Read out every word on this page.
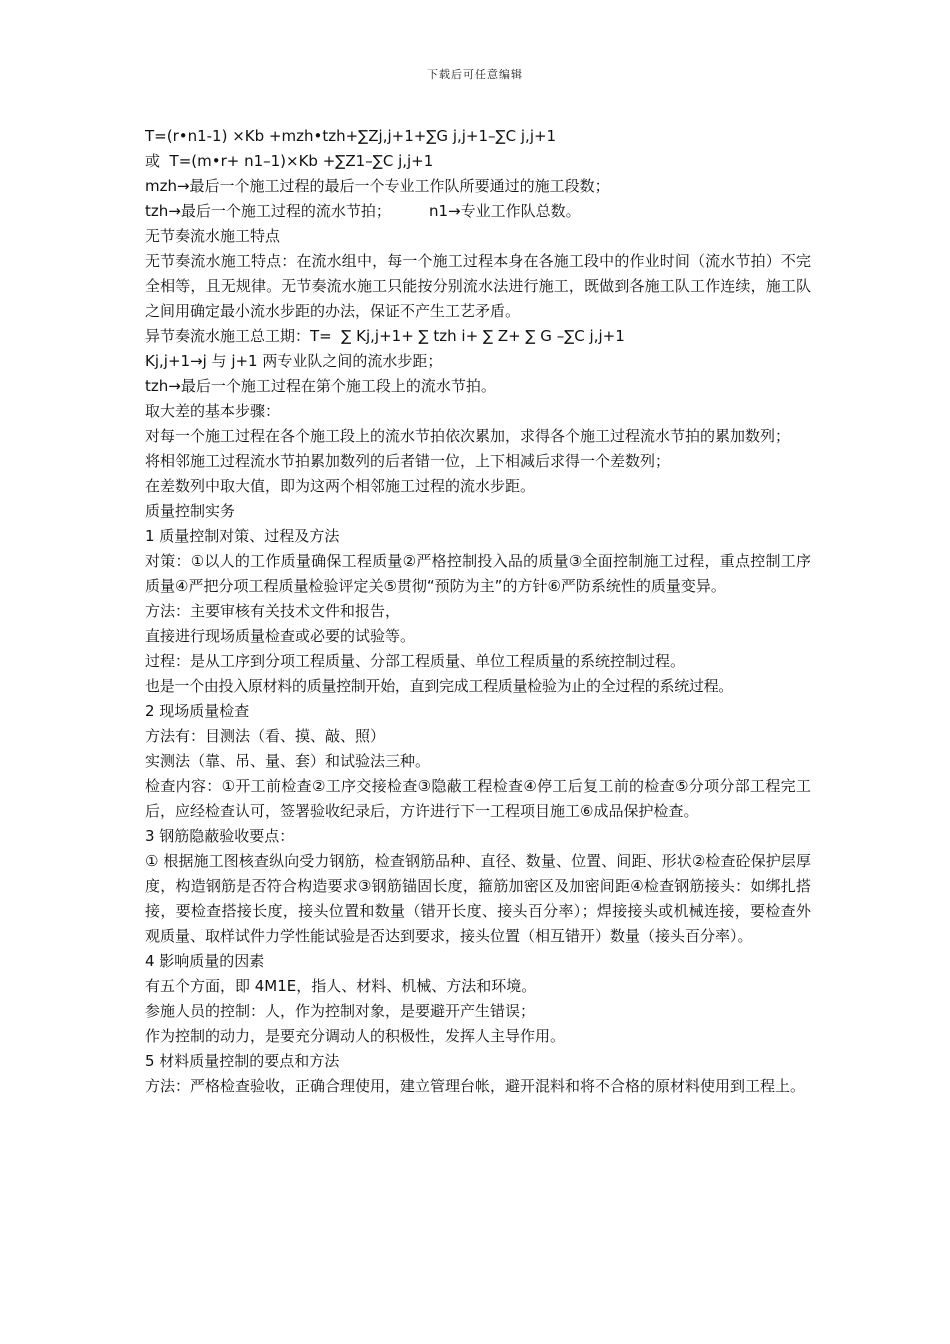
下载后可任意编辑
T=(r•n1-1) ×Kb +mzh•tzh+∑Zj,j+1+∑G j,j+1–∑C j,j+1
或  T=(m•r+ n1–1)×Kb +∑Z1–∑C j,j+1
mzh→最后一个施工过程的最后一个专业工作队所要通过的施工段数；
tzh→最后一个施工过程的流水节拍；        n1→专业工作队总数。
无节奏流水施工特点
无节奏流水施工特点：在流水组中，每一个施工过程本身在各施工段中的作业时间（流水节拍）不完全相等，且无规律。无节奏流水施工只能按分别流水法进行施工，既做到各施工队工作连续，施工队之间用确定最小流水步距的办法，保证不产生工艺矛盾。
异节奏流水施工总工期：T=  ∑ Kj,j+1+ ∑ tzh i+ ∑ Z+ ∑ G –∑C j,j+1
Kj,j+1→j 与 j+1 两专业队之间的流水步距；
tzh→最后一个施工过程在第个施工段上的流水节拍。
取大差的基本步骤：
对每一个施工过程在各个施工段上的流水节拍依次累加，求得各个施工过程流水节拍的累加数列；
将相邻施工过程流水节拍累加数列的后者错一位，上下相减后求得一个差数列；
在差数列中取大值，即为这两个相邻施工过程的流水步距。
质量控制实务
1 质量控制对策、过程及方法
对策：①以人的工作质量确保工程质量②严格控制投入品的质量③全面控制施工过程，重点控制工序质量④严把分项工程质量检验评定关⑤贯彻“预防为主”的方针⑥严防系统性的质量变异。
方法：主要审核有关技术文件和报告，
直接进行现场质量检查或必要的试验等。
过程：是从工序到分项工程质量、分部工程质量、单位工程质量的系统控制过程。
也是一个由投入原材料的质量控制开始，直到完成工程质量检验为止的全过程的系统过程。
2 现场质量检查
方法有：目测法（看、摸、敲、照）
实测法（靠、吊、量、套）和试验法三种。
检查内容：①开工前检查②工序交接检查③隐蔽工程检查④停工后复工前的检查⑤分项分部工程完工后，应经检查认可，签署验收纪录后，方许进行下一工程项目施工⑥成品保护检查。
3 钢筋隐蔽验收要点：
① 根据施工图核查纵向受力钢筋，检查钢筋品种、直径、数量、位置、间距、形状②检查砼保护层厚度，构造钢筋是否符合构造要求③钢筋锚固长度，箍筋加密区及加密间距④检查钢筋接头：如绑扎搭接，要检查搭接长度，接头位置和数量（错开长度、接头百分率）；焊接接头或机械连接，要检查外观质量、取样试件力学性能试验是否达到要求，接头位置（相互错开）数量（接头百分率）。
4 影响质量的因素
有五个方面，即 4M1E，指人、材料、机械、方法和环境。
参施人员的控制：人，作为控制对象，是要避开产生错误；
作为控制的动力，是要充分调动人的积极性，发挥人主导作用。
5 材料质量控制的要点和方法
方法：严格检查验收，正确合理使用，建立管理台帐，避开混料和将不合格的原材料使用到工程上。
